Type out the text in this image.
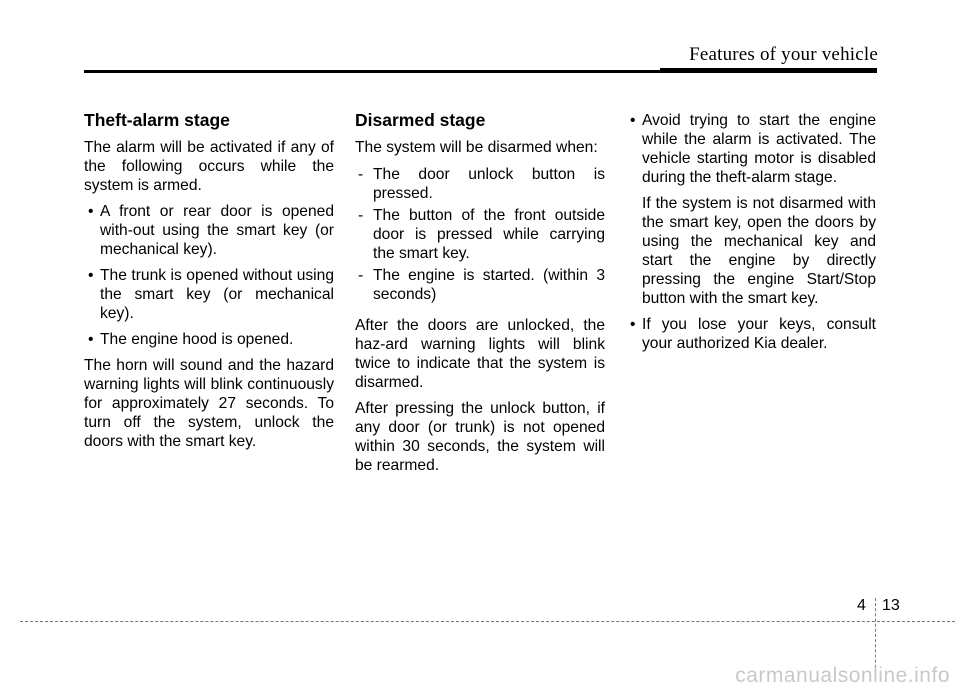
Features of your vehicle
Theft-alarm stage

The alarm will be activated if any of the following occurs while the system is armed.

• A front or rear door is opened with-out using the smart key (or mechanical key).
• The trunk is opened without using the smart key (or mechanical key).
• The engine hood is opened.

The horn will sound and the hazard warning lights will blink continuously for approximately 27 seconds. To turn off the system, unlock the doors with the smart key.

Disarmed stage

The system will be disarmed when:

- The door unlock button is pressed.
- The button of the front outside door is pressed while carrying the smart key.
- The engine is started. (within 3 seconds)

After the doors are unlocked, the haz-ard warning lights will blink twice to indicate that the system is disarmed.

After pressing the unlock button, if any door (or trunk) is not opened within 30 seconds, the system will be rearmed.

• Avoid trying to start the engine while the alarm is activated. The vehicle starting motor is disabled during the theft-alarm stage.
If the system is not disarmed with the smart key, open the doors by using the mechanical key and start the engine by directly pressing the engine Start/Stop button with the smart key.
• If you lose your keys, consult your authorized Kia dealer.
4 13
carmanualsonline.info
